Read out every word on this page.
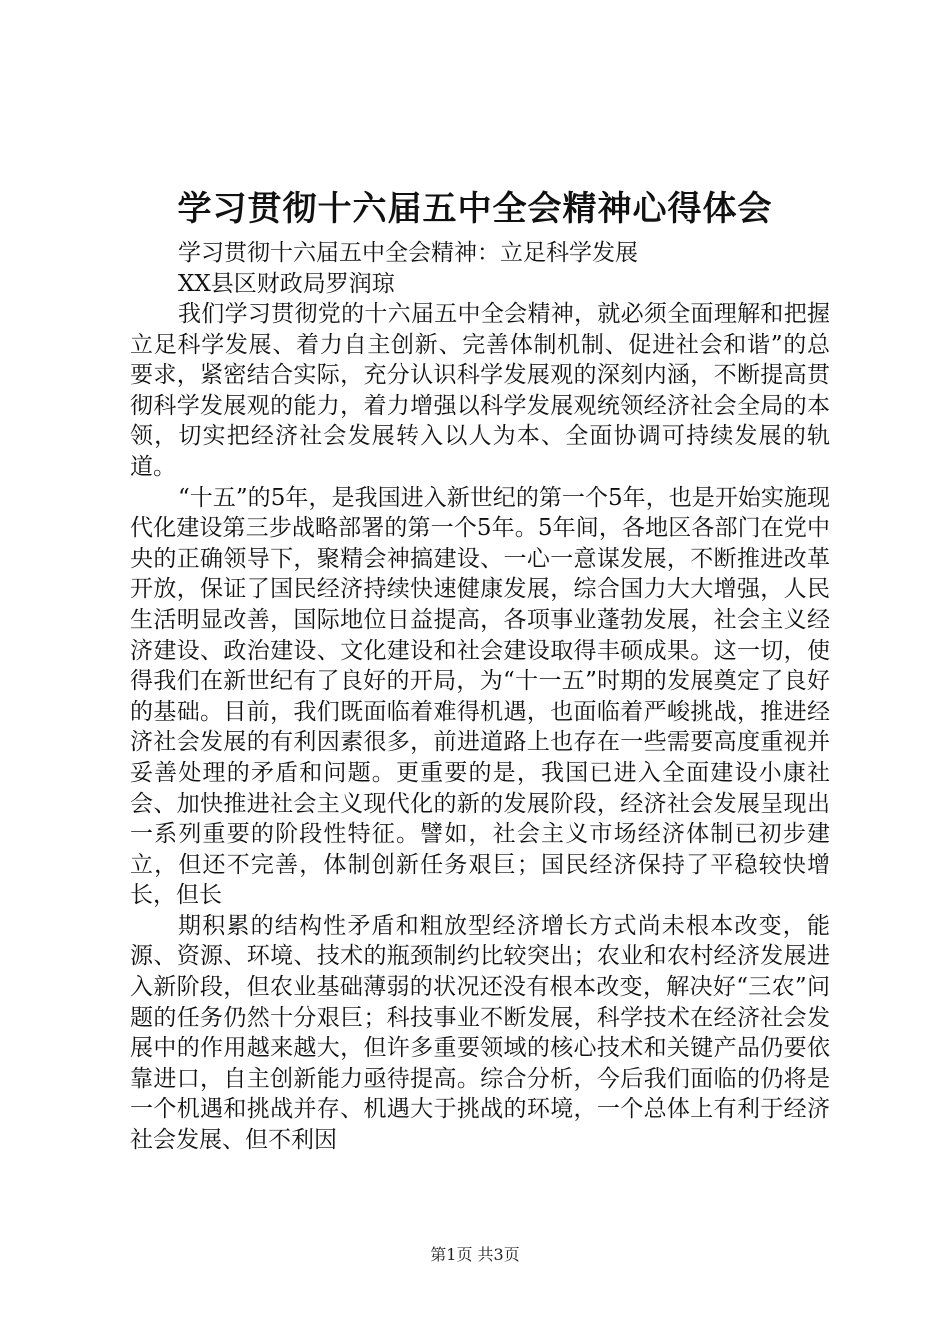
学习贯彻十六届五中全会精神心得体会

学习贯彻十六届五中全会精神：立足科学发展

XX县区财政局罗润琼

我们学习贯彻党的十六届五中全会精神，就必须全面理解和把握立足科学发展、着力自主创新、完善体制机制、促进社会和谐”的总要求，紧密结合实际，充分认识科学发展观的深刻内涵，不断提高贯彻科学发展观的能力，着力增强以科学发展观统领经济社会全局的本领，切实把经济社会发展转入以人为本、全面协调可持续发展的轨道。

“十五”的5年，是我国进入新世纪的第一个5年，也是开始实施现代化建设第三步战略部署的第一个5年。5年间，各地区各部门在党中央的正确领导下，聚精会神搞建设、一心一意谋发展，不断推进改革开放，保证了国民经济持续快速健康发展，综合国力大大增强，人民生活明显改善，国际地位日益提高，各项事业蓬勃发展，社会主义经济建设、政治建设、文化建设和社会建设取得丰硕成果。这一切，使得我们在新世纪有了良好的开局，为“十一五”时期的发展奠定了良好的基础。目前，我们既面临着难得机遇，也面临着严峻挑战，推进经济社会发展的有利因素很多，前进道路上也存在一些需要高度重视并妥善处理的矛盾和问题。更重要的是，我国已进入全面建设小康社会、加快推进社会主义现代化的新的发展阶段，经济社会发展呈现出一系列重要的阶段性特征。譬如，社会主义市场经济体制已初步建立，但还不完善，体制创新任务艰巨；国民经济保持了平稳较快增长，但长

期积累的结构性矛盾和粗放型经济增长方式尚未根本改变，能源、资源、环境、技术的瓶颈制约比较突出；农业和农村经济发展进入新阶段，但农业基础薄弱的状况还没有根本改变，解决好“三农”问题的任务仍然十分艰巨；科技事业不断发展，科学技术在经济社会发展中的作用越来越大，但许多重要领域的核心技术和关键产品仍要依靠进口，自主创新能力亟待提高。综合分析，今后我们面临的仍将是一个机遇和挑战并存、机遇大于挑战的环境，一个总体上有利于经济社会发展、但不利因

第1页 共3页
